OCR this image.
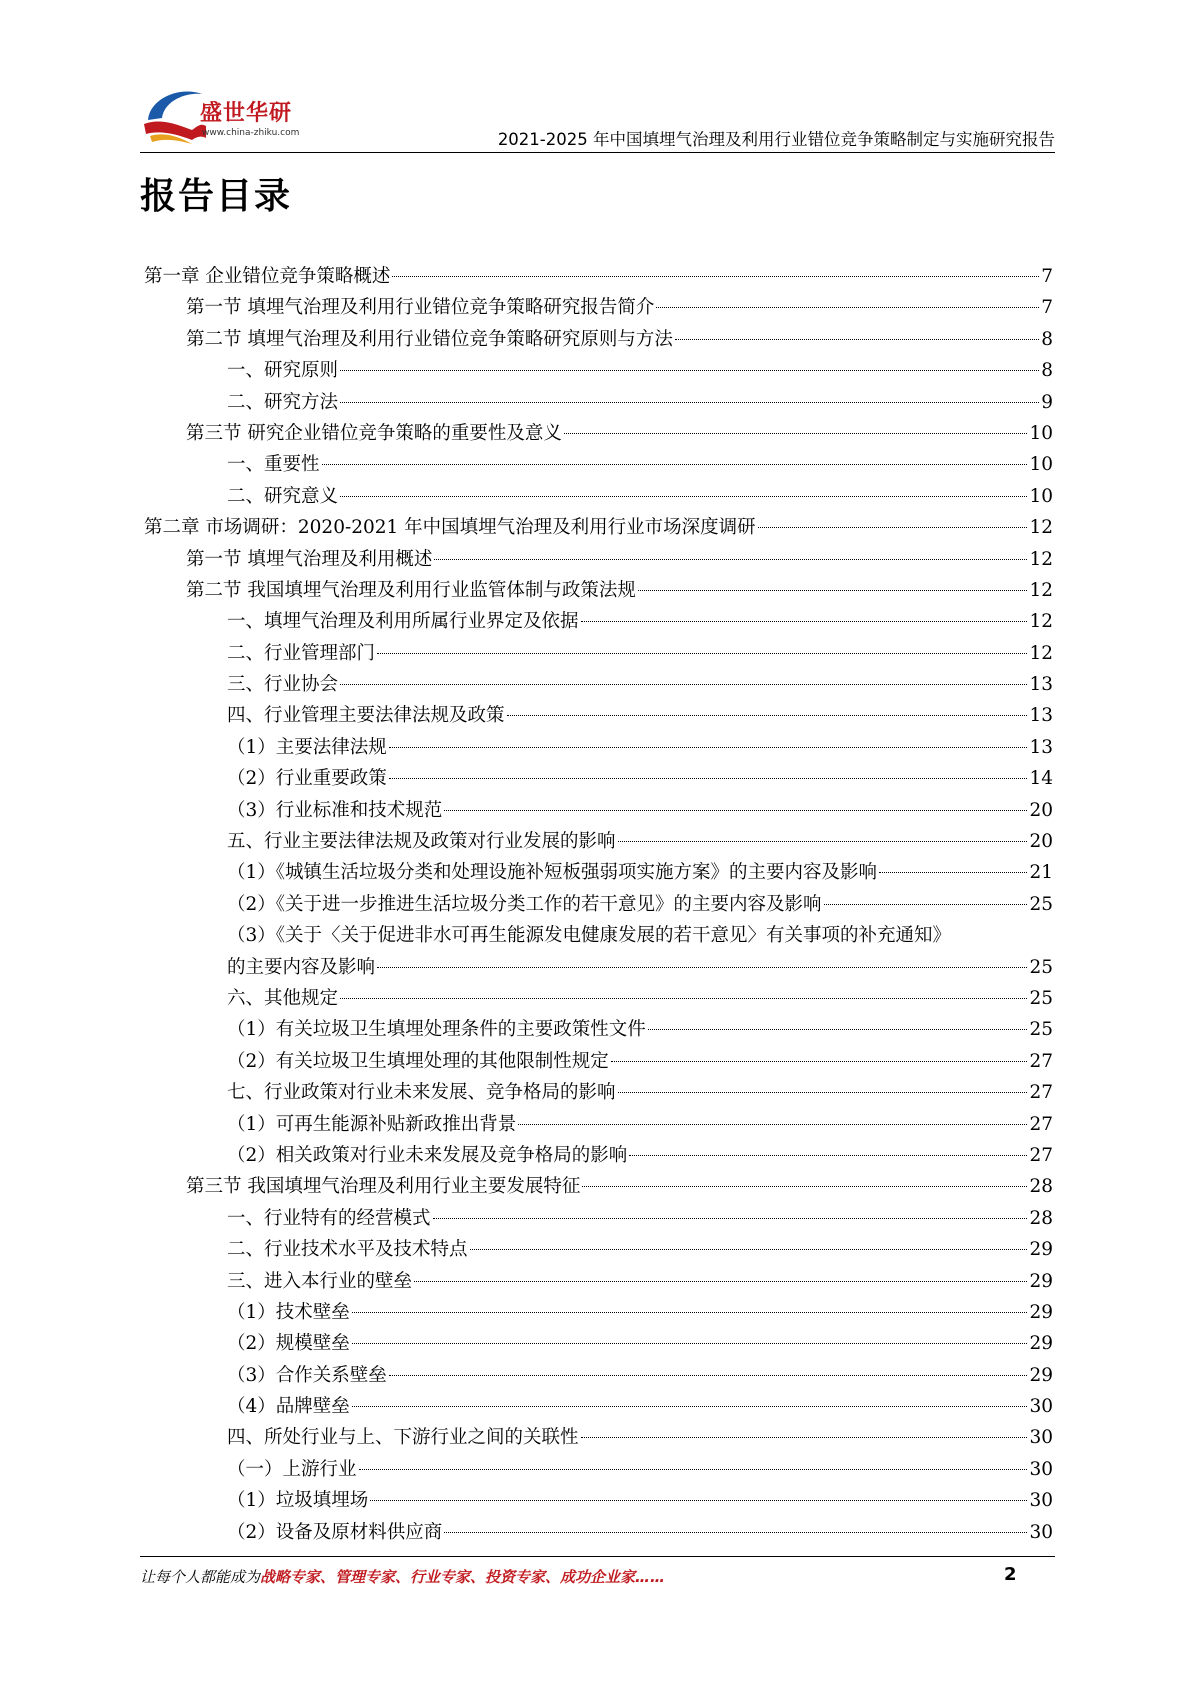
盛世华研
www.china-zhiku.com	2021-2025 年中国填埋气治理及利用行业错位竞争策略制定与实施研究报告
报告目录
第一章 企业错位竞争策略概述	7
第一节 填埋气治理及利用行业错位竞争策略研究报告简介	7
第二节 填埋气治理及利用行业错位竞争策略研究原则与方法	8
一、研究原则	8
二、研究方法	9
第三节 研究企业错位竞争策略的重要性及意义	10
一、重要性	10
二、研究意义	10
第二章 市场调研：2020-2021 年中国填埋气治理及利用行业市场深度调研	12
第一节 填埋气治理及利用概述	12
第二节 我国填埋气治理及利用行业监管体制与政策法规	12
一、填埋气治理及利用所属行业界定及依据	12
二、行业管理部门	12
三、行业协会	13
四、行业管理主要法律法规及政策	13
（1）主要法律法规	13
（2）行业重要政策	14
（3）行业标准和技术规范	20
五、行业主要法律法规及政策对行业发展的影响	20
（1）《城镇生活垃圾分类和处理设施补短板强弱项实施方案》的主要内容及影响	21
（2）《关于进一步推进生活垃圾分类工作的若干意见》的主要内容及影响	25
（3）《关于〈关于促进非水可再生能源发电健康发展的若干意见〉有关事项的补充通知》
的主要内容及影响	25
六、其他规定	25
（1）有关垃圾卫生填埋处理条件的主要政策性文件	25
（2）有关垃圾卫生填埋处理的其他限制性规定	27
七、行业政策对行业未来发展、竞争格局的影响	27
（1）可再生能源补贴新政推出背景	27
（2）相关政策对行业未来发展及竞争格局的影响	27
第三节 我国填埋气治理及利用行业主要发展特征	28
一、行业特有的经营模式	28
二、行业技术水平及技术特点	29
三、进入本行业的壁垒	29
（1）技术壁垒	29
（2）规模壁垒	29
（3）合作关系壁垒	29
（4）品牌壁垒	30
四、所处行业与上、下游行业之间的关联性	30
（一）上游行业	30
（1）垃圾填埋场	30
（2）设备及原材料供应商	30
让每个人都能成为战略专家、管理专家、行业专家、投资专家、成功企业家……	2
